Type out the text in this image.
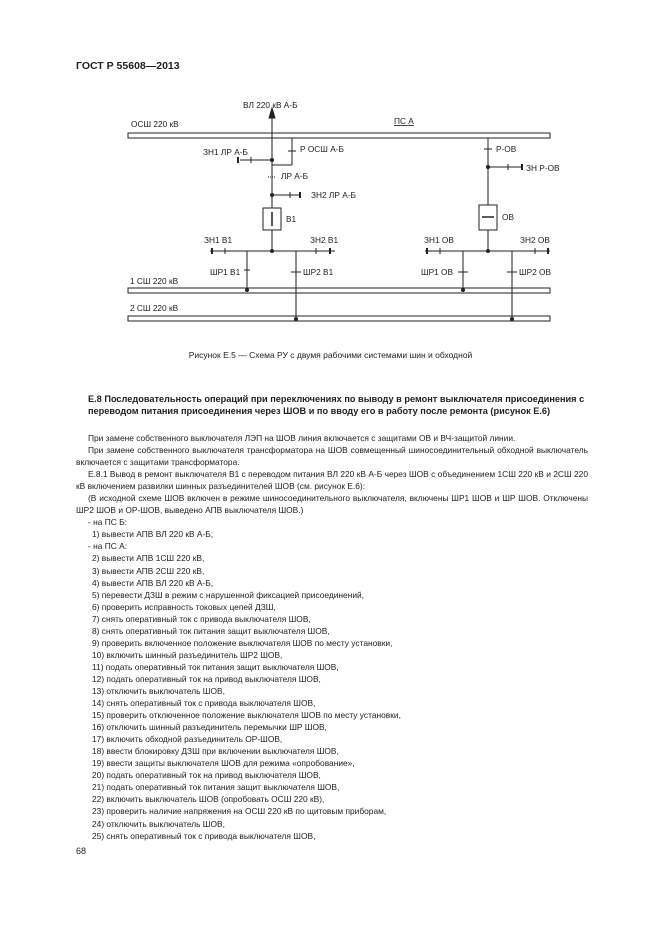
ГОСТ Р 55608—2013
ВЛ 220 кВ А-Б
ОСШ 220 кВ	ПС А
ЗН1 ЛР А-Б	Р ОСШ А-Б
ЛР А-Б
ЗН2 ЛР А-Б
В1
ЗН1 В1	ЗН2 В1
ШР1 В1	ШР2 В1
1 СШ 220 кВ
2 СШ 220 кВ
Р-ОВ
ЗН Р-ОВ
ОВ
ЗН1 ОВ	ЗН2 ОВ
ШР1 ОВ	ШР2 ОВ
Рисунок Е.5 — Схема РУ с двумя рабочими системами шин и обходной
Е.8 Последовательность операций при переключениях по выводу в ремонт выключателя присоединения с переводом питания присоединения через ШОВ и по вводу его в работу после ремонта (рисунок Е.6)

При замене собственного выключателя ЛЭП на ШОВ линия включается с защитами ОВ и ВЧ-защитой линии.

При замене собственного выключателя трансформатора на ШОВ совмещенный шиносоединительный обходной выключатель включается с защитами трансформатора.

Е.8.1 Вывод в ремонт выключателя В1 с переводом питания ВЛ 220 кВ А-Б через ШОВ с объединением 1СШ 220 кВ и 2СШ 220 кВ включением развилки шинных разъединителей ШОВ (см. рисунок Е.6):

(В исходной схеме ШОВ включен в режиме шиносоединительного выключателя, включены ШР1 ШОВ и ШР ШОВ. Отключены ШР2 ШОВ и ОР-ШОВ, выведено АПВ выключателя ШОВ.)

- на ПС Б:

1) вывести АПВ ВЛ 220 кВ А-Б;

- на ПС А:

2) вывести АПВ 1СШ 220 кВ,

3) вывести АПВ 2СШ 220 кВ,

4) вывести АПВ ВЛ 220 кВ А-Б,

5) перевести ДЗШ в режим с нарушенной фиксацией присоединений,

6) проверить исправность токовых цепей ДЗШ,

7) снять оперативный ток с привода выключателя ШОВ,

8) снять оперативный ток питания защит выключателя ШОВ,

9) проверить включенное положение выключателя ШОВ по месту установки,

10) включить шинный разъединитель ШР2 ШОВ,

11) подать оперативный ток питания защит выключателя ШОВ,

12) подать оперативный ток на привод выключателя ШОВ,

13) отключить выключатель ШОВ,

14) снять оперативный ток с привода выключателя ШОВ,

15) проверить отключенное положение выключателя ШОВ по месту установки,

16) отключить шинный разъединитель перемычки ШР ШОВ,

17) включить обходной разъединитель ОР-ШОВ,

18) ввести блокировку ДЗШ при включении выключателя ШОВ,

19) ввести защиты выключателя ШОВ для режима «опробование»,

20) подать оперативный ток на привод выключателя ШОВ,

21) подать оперативный ток питания защит выключателя ШОВ,

22) включить выключатель ШОВ (опробовать ОСШ 220 кВ),

23) проверить наличие напряжения на ОСШ 220 кВ по щитовым приборам,

24) отключить выключатель ШОВ,

25) снять оперативный ток с привода выключателя ШОВ,

68
